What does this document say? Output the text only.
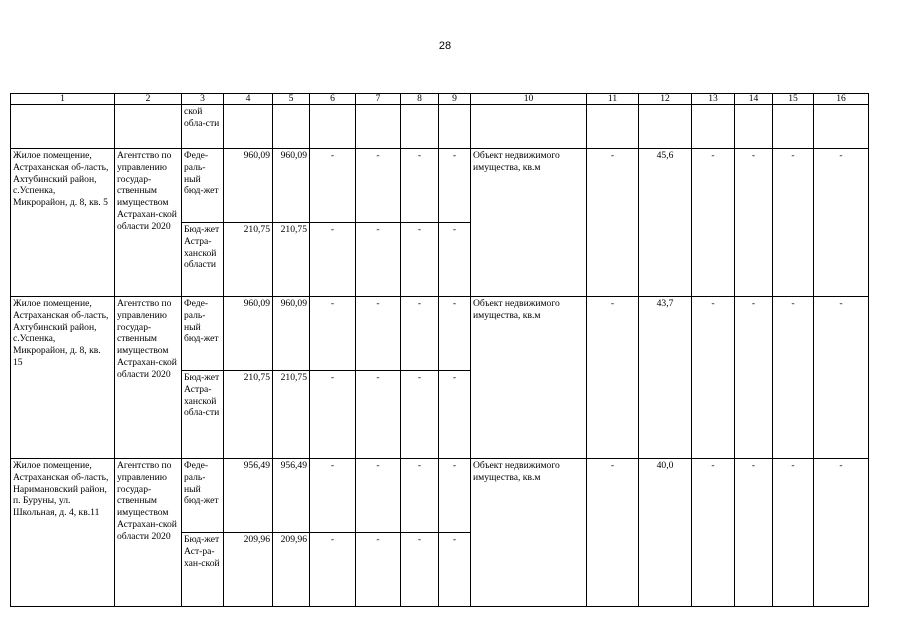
28
1	2	3	4	5	6	7	8	9	10	11	12	13	14	15	16
		ской обла-сти													
Жилое помещение, Астраханская об-ласть, Ахтубинский район, с.Успенка, Микрорайон, д. 8, кв. 5	Агентство по управлению государ-ственным имуществом Астрахан-ской области 2020	Феде-раль-ный бюд-жет	960,09	960,09	-	-	-	-	Объект недвижимого имущества, кв.м	-	45,6	-	-	-	-
		Бюд-жет Астра-ханской области	210,75	210,75	-	-	-	-							
Жилое помещение, Астраханская об-ласть, Ахтубинский район, с.Успенка, Микрорайон, д. 8, кв. 15	Агентство по управлению государ-ственным имуществом Астрахан-ской области 2020	Феде-раль-ный бюд-жет	960,09	960,09	-	-	-	-	Объект недвижимого имущества, кв.м	-	43,7	-	-	-	-
		Бюд-жет Астра-ханской обла-сти	210,75	210,75	-	-	-	-							
Жилое помещение, Астраханская об-ласть, Наримановский район, п. Буруны, ул. Школьная, д. 4, кв.11	Агентство по управлению государ-ственным имуществом Астрахан-ской области 2020	Феде-раль-ный бюд-жет	956,49	956,49	-	-	-	-	Объект недвижимого имущества, кв.м	-	40,0	-	-	-	-
		Бюд-жет Аст-ра-хан-ской	209,96	209,96	-	-	-	-							
